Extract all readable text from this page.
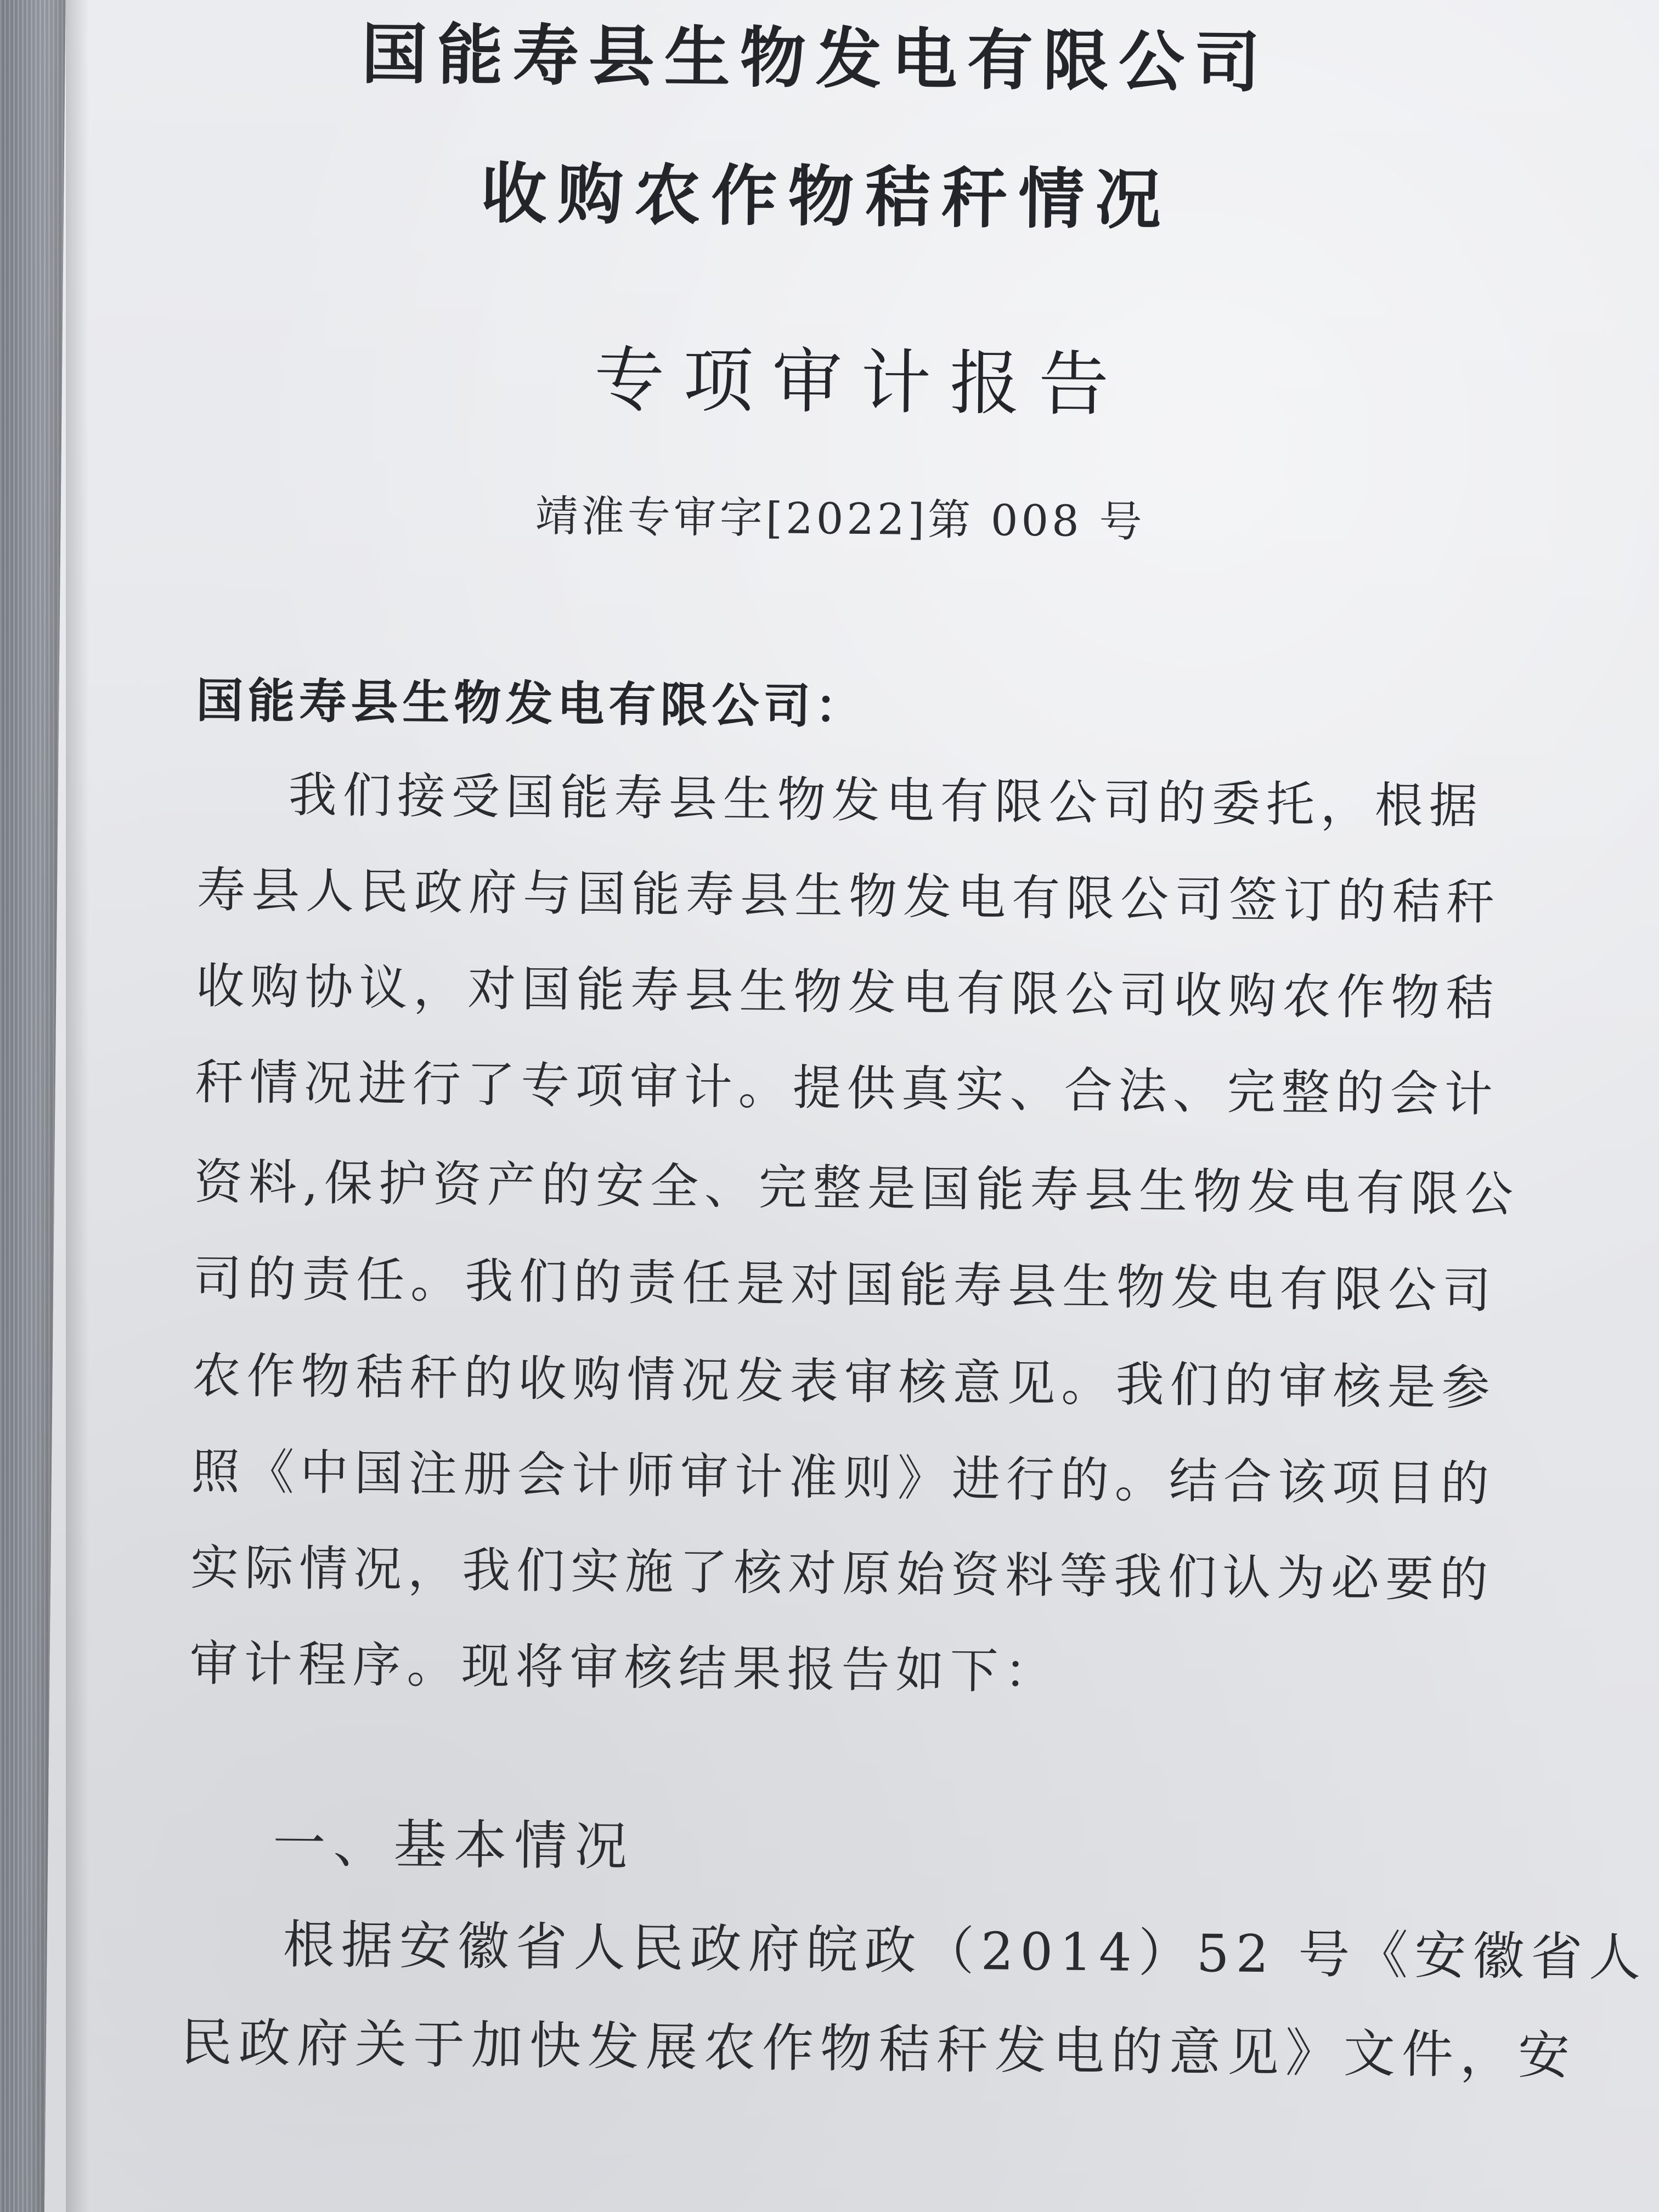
国能寿县生物发电有限公司
收购农作物秸秆情况
专项审计报告
靖淮专审字[2022]第 008 号
国能寿县生物发电有限公司：
我们接受国能寿县生物发电有限公司的委托，根据
寿县人民政府与国能寿县生物发电有限公司签订的秸秆
收购协议，对国能寿县生物发电有限公司收购农作物秸
秆情况进行了专项审计。提供真实、合法、完整的会计
资料,保护资产的安全、完整是国能寿县生物发电有限公
司的责任。我们的责任是对国能寿县生物发电有限公司
农作物秸秆的收购情况发表审核意见。我们的审核是参
照《中国注册会计师审计准则》进行的。结合该项目的
实际情况，我们实施了核对原始资料等我们认为必要的
审计程序。现将审核结果报告如下：
一、基本情况
根据安徽省人民政府皖政（2014）52 号《安徽省人
民政府关于加快发展农作物秸秆发电的意见》文件，安
